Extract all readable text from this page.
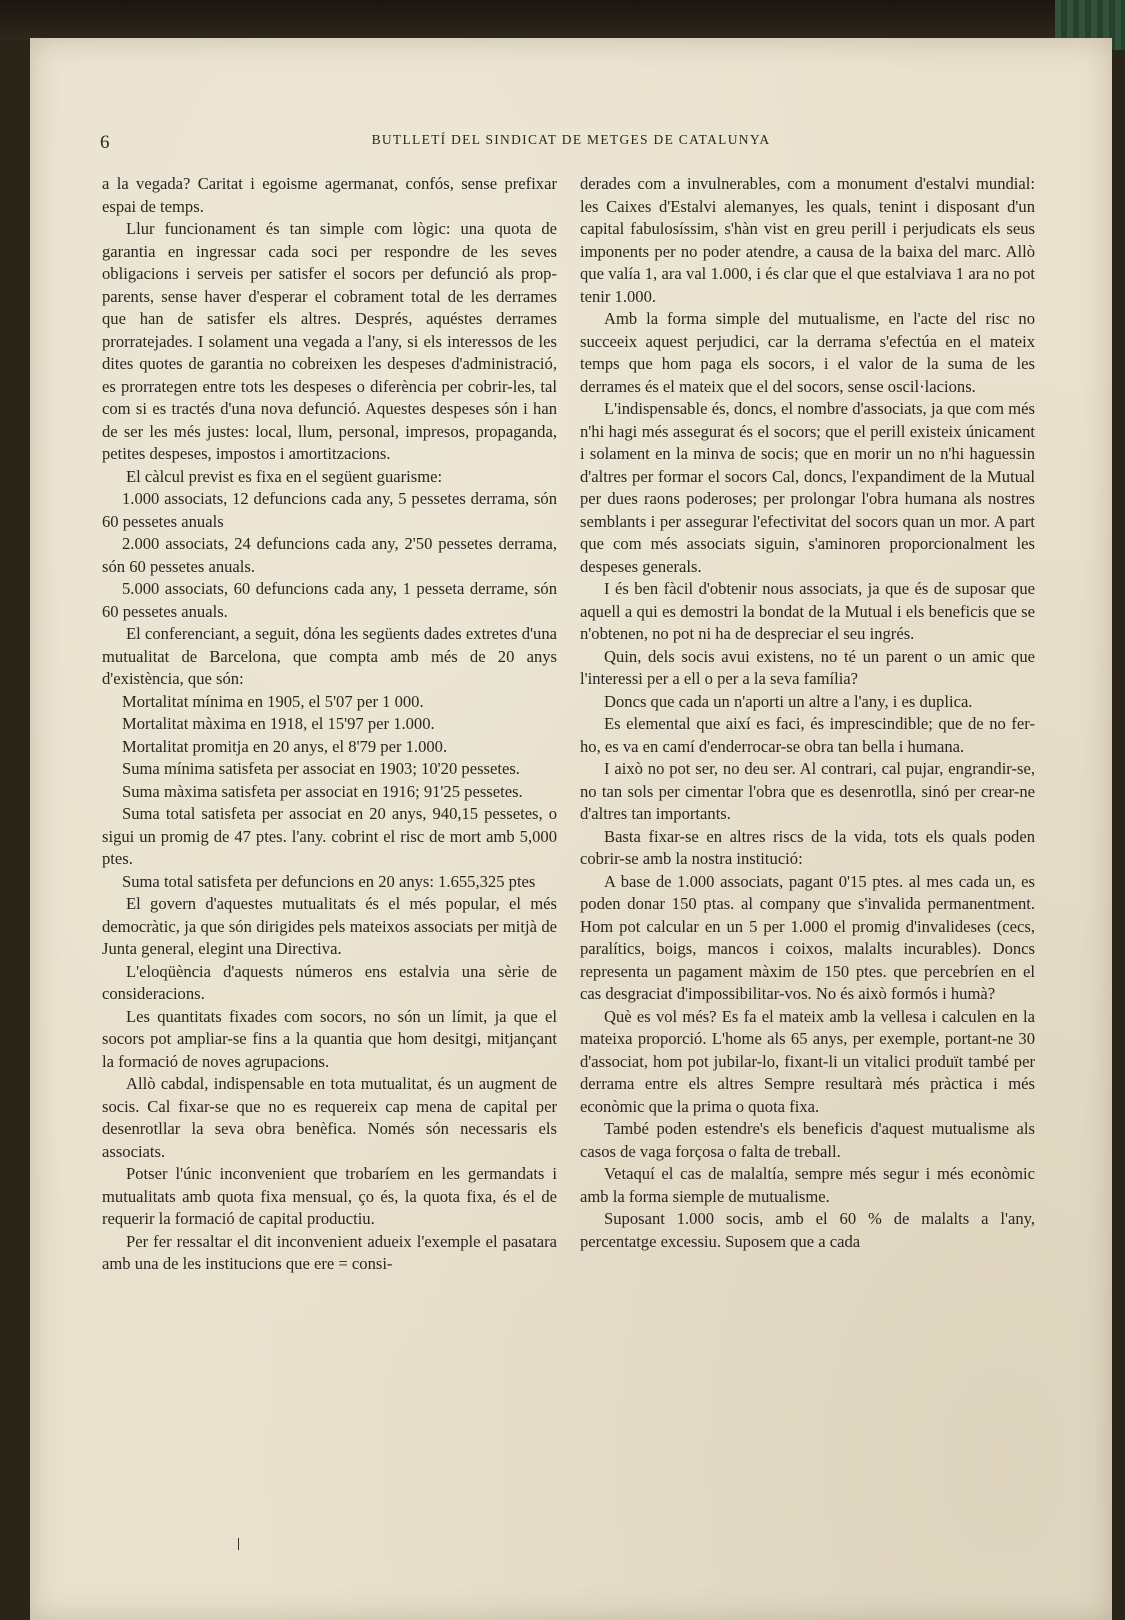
6	BUTLLETÍ DEL SINDICAT DE METGES DE CATALUNYA

a la vegada? Caritat i egoisme agermanat, confós, sense prefixar espai de temps.

Llur funcionament és tan simple com lògic: una quota de garantia en ingressar cada soci per respondre de les seves obligacions i serveis per satisfer el socors per defunció als prop-parents, sense haver d'esperar el cobrament total de les derrames que han de satisfer els altres. Després, aquéstes derrames prorratejades. I solament una vegada a l'any, si els interessos de les dites quotes de garantia no cobreixen les despeses d'administració, es prorrategen entre tots les despeses o diferència per cobrir-les, tal com si es tractés d'una nova defunció. Aquestes despeses són i han de ser les més justes: local, llum, personal, impresos, propaganda, petites despeses, impostos i amortitzacions.

El càlcul previst es fixa en el següent guarisme:

1.000 associats, 12 defuncions cada any, 5 pessetes derrama, són 60 pessetes anuals

2.000 associats, 24 defuncions cada any, 2'50 pessetes derrama, són 60 pessetes anuals.

5.000 associats, 60 defuncions cada any, 1 pesseta derrame, són 60 pessetes anuals.

El conferenciant, a seguit, dóna les següents dades extretes d'una mutualitat de Barcelona, que compta amb més de 20 anys d'existència, que són:

Mortalitat mínima en 1905, el 5'07 per 1 000.

Mortalitat màxima en 1918, el 15'97 per 1.000.

Mortalitat promitja en 20 anys, el 8'79 per 1.000.

Suma mínima satisfeta per associat en 1903; 10'20 pessetes.

Suma màxima satisfeta per associat en 1916; 91'25 pessetes.

Suma total satisfeta per associat en 20 anys, 940,15 pessetes, o sigui un promig de 47 ptes. l'any. cobrint el risc de mort amb 5,000 ptes.

Suma total satisfeta per defuncions en 20 anys: 1.655,325 ptes

El govern d'aquestes mutualitats és el més popular, el més democràtic, ja que són dirigides pels mateixos associats per mitjà de Junta general, elegint una Directiva.

L'eloqüència d'aquests números ens estalvia una sèrie de consideracions.

Les quantitats fixades com socors, no són un límit, ja que el socors pot ampliar-se fins a la quantia que hom desitgi, mitjançant la formació de noves agrupacions.

Allò cabdal, indispensable en tota mutualitat, és un augment de socis. Cal fixar-se que no es requereix cap mena de capital per desenrotllar la seva obra benèfica. Només són necessaris els associats.

Potser l'únic inconvenient que trobaríem en les germandats i mutualitats amb quota fixa mensual, ço és, la quota fixa, és el de requerir la formació de capital productiu.

Per fer ressaltar el dit inconvenient adueix l'exemple el pasatara amb una de les institucions que ere = consi-

derades com a invulnerables, com a monument d'estalvi mundial: les Caixes d'Estalvi alemanyes, les quals, tenint i disposant d'un capital fabulosíssim, s'hàn vist en greu perill i perjudicats els seus imponents per no poder atendre, a causa de la baixa del marc. Allò que valía 1, ara val 1.000, i és clar que el que estalviava 1 ara no pot tenir 1.000.

Amb la forma simple del mutualisme, en l'acte del risc no succeeix aquest perjudici, car la derrama s'efectúa en el mateix temps que hom paga els socors, i el valor de la suma de les derrames és el mateix que el del socors, sense oscil·lacions.

L'indispensable és, doncs, el nombre d'associats, ja que com més n'hi hagi més assegurat és el socors; que el perill existeix únicament i solament en la minva de socis; que en morir un no n'hi haguessin d'altres per formar el socors Cal, doncs, l'expandiment de la Mutual per dues raons poderoses; per prolongar l'obra humana als nostres semblants i per assegurar l'efectivitat del socors quan un mor. A part que com més associats siguin, s'aminoren proporcionalment les despeses generals.

I és ben fàcil d'obtenir nous associats, ja que és de suposar que aquell a qui es demostri la bondat de la Mutual i els beneficis que se n'obtenen, no pot ni ha de despreciar el seu ingrés.

Quin, dels socis avui existens, no té un parent o un amic que l'interessi per a ell o per a la seva família?

Doncs que cada un n'aporti un altre a l'any, i es duplica.

Es elemental que així es faci, és imprescindible; que de no fer-ho, es va en camí d'enderrocar-se obra tan bella i humana.

I això no pot ser, no deu ser. Al contrari, cal pujar, engrandir-se, no tan sols per cimentar l'obra que es desenrotlla, sinó per crear-ne d'altres tan importants.

Basta fixar-se en altres riscs de la vida, tots els quals poden cobrir-se amb la nostra institució:

A base de 1.000 associats, pagant 0'15 ptes. al mes cada un, es poden donar 150 ptas. al company que s'invalida permanentment. Hom pot calcular en un 5 per 1.000 el promig d'invalideses (cecs, paralítics, boigs, mancos i coixos, malalts incurables). Doncs representa un pagament màxim de 150 ptes. que percebríen en el cas desgraciat d'impossibilitar-vos. No és això formós i humà?

Què es vol més? Es fa el mateix amb la vellesa i calculen en la mateixa proporció. L'home als 65 anys, per exemple, portant-ne 30 d'associat, hom pot jubilar-lo, fixant-li un vitalici produït també per derrama entre els altres Sempre resultarà més pràctica i més econòmic que la prima o quota fixa.

També poden estendre's els beneficis d'aquest mutualisme als casos de vaga forçosa o falta de treball.

Vetaquí el cas de malaltía, sempre més segur i més econòmic amb la forma siemple de mutualisme.

Suposant 1.000 socis, amb el 60 % de malalts a l'any, percentatge excessiu. Suposem que a cada
